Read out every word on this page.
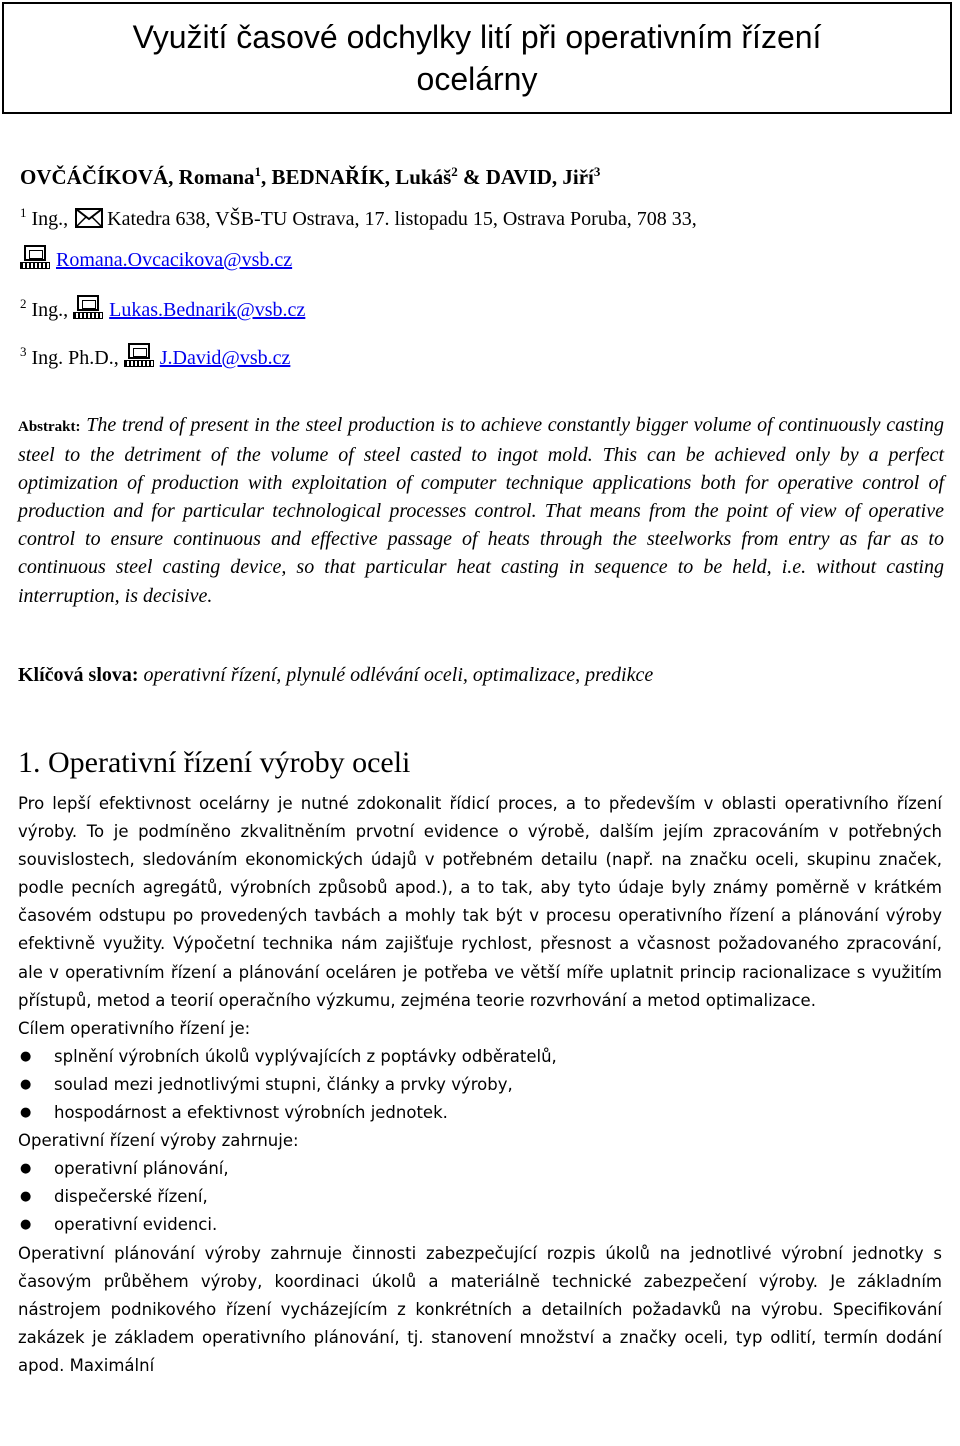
Využití časové odchylky lití při operativním řízení ocelárny
OVČÁČÍKOVÁ, Romana$^1$, BEDNAŘÍK, Lukáš$^2$ & DAVID, Jiří$^3$
$^1$ Ing., Katedra 638, VŠB-TU Ostrava, 17. listopadu 15, Ostrava Poruba, 708 33,
Romana.Ovcacikova@vsb.cz
$^2$ Ing., Lukas.Bednarik@vsb.cz
$^3$ Ing. Ph.D., J.David@vsb.cz
Abstrakt: The trend of present in the steel production is to achieve constantly bigger volume of continuously casting steel to the detriment of the volume of steel casted to ingot mold. This can be achieved only by a perfect optimization of production with exploitation of computer technique applications both for operative control of production and for particular technological processes control. That means from the point of view of operative control to ensure continuous and effective passage of heats through the steelworks from entry as far as to continuous steel casting device, so that particular heat casting in sequence to be held, i.e. without casting interruption, is decisive.
Klíčová slova: operativní řízení, plynulé odlévání oceli, optimalizace, predikce
1. Operativní řízení výroby oceli

Pro lepší efektivnost ocelárny je nutné zdokonalit řídicí proces, a to především v oblasti operativního řízení výroby. To je podmíněno zkvalitněním prvotní evidence o výrobě, dalším jejím zpracováním v potřebných souvislostech, sledováním ekonomických údajů v potřebném detailu (např. na značku oceli, skupinu značek, podle pecních agregátů, výrobních způsobů apod.), a to tak, aby tyto údaje byly známy poměrně v krátkém časovém odstupu po provedených tavbách a mohly tak být v procesu operativního řízení a plánování výroby efektivně využity. Výpočetní technika nám zajišťuje rychlost, přesnost a včasnost požadovaného zpracování, ale v operativním řízení a plánování oceláren je potřeba ve větší míře uplatnit princip racionalizace s využitím přístupů, metod a teorií operačního výzkumu, zejména teorie rozvrhování a metod optimalizace.

Cílem operativního řízení je:
● splnění výrobních úkolů vyplývajících z poptávky odběratelů,
● soulad mezi jednotlivými stupni, články a prvky výroby,
● hospodárnost a efektivnost výrobních jednotek.
Operativní řízení výroby zahrnuje:
● operativní plánování,
● dispečerské řízení,
● operativní evidenci.

Operativní plánování výroby zahrnuje činnosti zabezpečující rozpis úkolů na jednotlivé výrobní jednotky s časovým průběhem výroby, koordinaci úkolů a materiálně technické zabezpečení výroby. Je základním nástrojem podnikového řízení vycházejícím z konkrétních a detailních požadavků na výrobu. Specifikování zakázek je základem operativního plánování, tj. stanovení množství a značky oceli, typ odlití, termín dodání apod. Maximální
